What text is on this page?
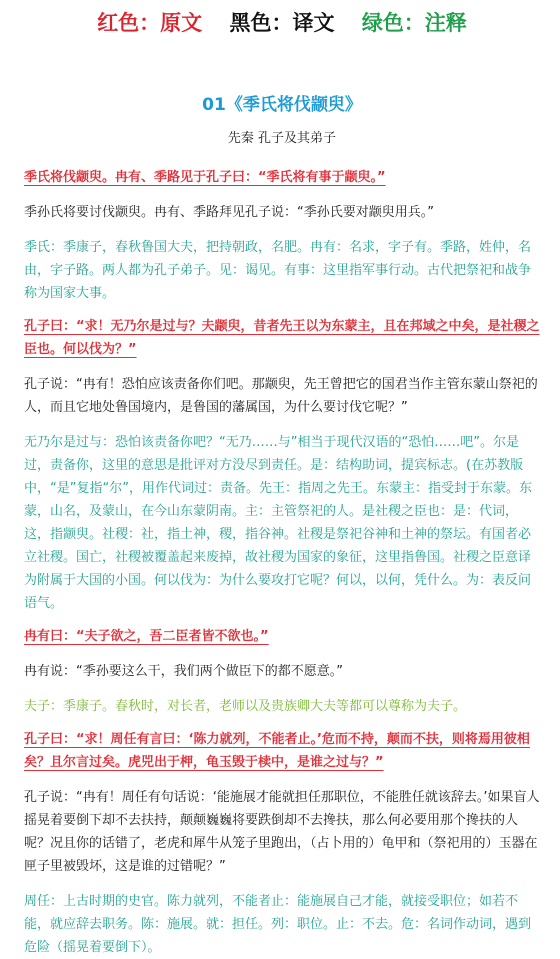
红色：原文 黑色：译文 绿色：注释
01《季氏将伐颛臾》
先秦 孔子及其弟子

季氏将伐颛臾。冉有、季路见于孔子曰：“季氏将有事于颛臾。”

季孙氏将要讨伐颛臾。冉有、季路拜见孔子说：“季孙氏要对颛臾用兵。”

季氏：季康子，春秋鲁国大夫，把持朝政，名肥。冉有：名求，字子有。季路，姓仲，名由，字子路。两人都为孔子弟子。见：谒见。有事：这里指军事行动。古代把祭祀和战争称为国家大事。

孔子曰：“求！无乃尔是过与？夫颛臾，昔者先王以为东蒙主，且在邦域之中矣，是社稷之臣也。何以伐为？”

孔子说：“冉有！恐怕应该责备你们吧。那颛臾，先王曾把它的国君当作主管东蒙山祭祀的人，而且它地处鲁国境内，是鲁国的藩属国，为什么要讨伐它呢？”

无乃尔是过与：恐怕该责备你吧？“无乃……与”相当于现代汉语的“恐怕……吧”。尔是过，责备你，这里的意思是批评对方没尽到责任。是：结构助词，提宾标志。(在苏教版中，“是”复指“尔”，用作代词过：责备。先王：指周之先王。东蒙主：指受封于东蒙。东蒙，山名，及蒙山，在今山东蒙阴南。主：主管祭祀的人。是社稷之臣也：是：代词，这，指颛臾。社稷：社，指土神，稷，指谷神。社稷是祭祀谷神和土神的祭坛。有国者必立社稷。国亡，社稷被覆盖起来废掉，故社稷为国家的象征，这里指鲁国。社稷之臣意译为附属于大国的小国。何以伐为：为什么要攻打它呢？何以，以何，凭什么。为：表反问语气。

冉有曰：“夫子欲之，吾二臣者皆不欲也。”

冉有说：“季孙要这么干，我们两个做臣下的都不愿意。”

夫子：季康子。春秋时，对长者，老师以及贵族卿大夫等都可以尊称为夫子。

孔子曰：“求！周任有言曰：‘陈力就列，不能者止。’危而不持，颠而不扶，则将焉用彼相矣？且尔言过矣。虎兕出于柙，龟玉毁于椟中，是谁之过与？”

孔子说：“冉有！周任有句话说：‘能施展才能就担任那职位，不能胜任就该辞去。’如果盲人摇晃着要倒下却不去扶持，颠颠巍巍将要跌倒却不去搀扶，那么何必要用那个搀扶的人呢？况且你的话错了，老虎和犀牛从笼子里跑出，（占卜用的）龟甲和（祭祀用的）玉器在匣子里被毁坏，这是谁的过错呢？”

周任：上古时期的史官。陈力就列，不能者止：能施展自己才能，就接受职位；如若不能，就应辞去职务。陈：施展。就：担任。列：职位。止：不去。危：名词作动词，遇到危险（摇晃着要倒下）。
